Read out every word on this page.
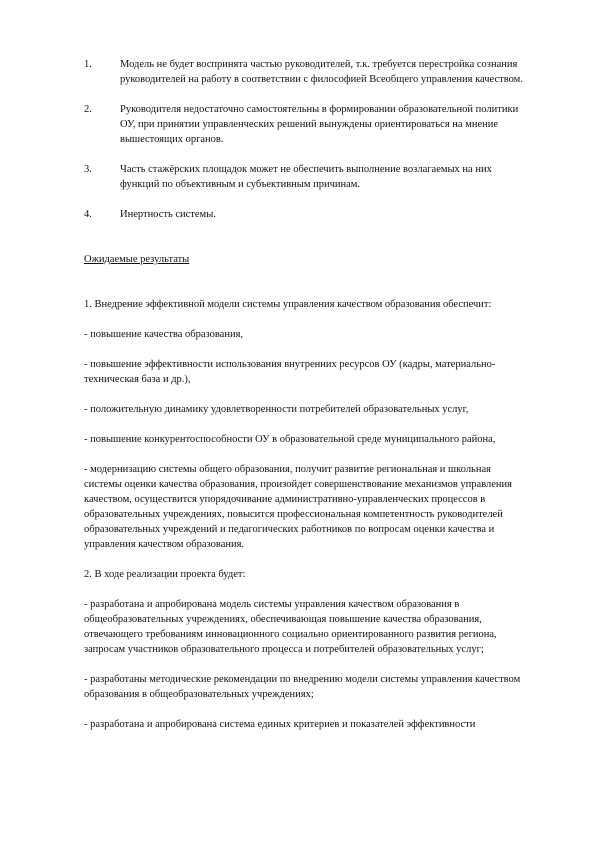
1.	Модель не будет воспринята частью руководителей, т.к. требуется перестройка сознания руководителей на работу в соответствии с философией Всеобщего управления качеством.
2.	Руководителя недостаточно самостоятельны в формировании образовательной политики ОУ, при принятии управленческих решений вынуждены ориентироваться на мнение вышестоящих органов.
3.	Часть стажёрских площадок может не обеспечить выполнение возлагаемых на них функций по объективным и субъективным причинам.
4.	Инертность системы.

Ожидаемые результаты

1. Внедрение эффективной модели системы управления качеством образования обеспечит:

- повышение качества образования,

- повышение эффективности использования внутренних ресурсов ОУ (кадры, материально-техническая база и др.),

- положительную динамику удовлетворенности потребителей образовательных услуг,

- повышение конкурентоспособности ОУ в образовательной среде муниципального района,

- модернизацию системы общего образования, получит развитие региональная и школьная системы оценки качества образования, произойдет совершенствование механизмов управления качеством, осуществится упорядочивание административно-управленческих процессов в образовательных учреждениях, повысится профессиональная компетентность руководителей образовательных учреждений и педагогических работников по вопросам оценки качества и управления качеством образования.

2. В ходе реализации проекта будет:

- разработана и апробирована модель системы управления качеством образования в общеобразовательных учреждениях, обеспечивающая повышение качества образования, отвечающего требованиям инновационного социально ориентированного развития региона, запросам участников образовательного процесса и потребителей образовательных услуг;

- разработаны методические рекомендации по внедрению модели системы управления качеством образования в общеобразовательных учреждениях;

- разработана и апробирована система единых критериев и показателей эффективности
